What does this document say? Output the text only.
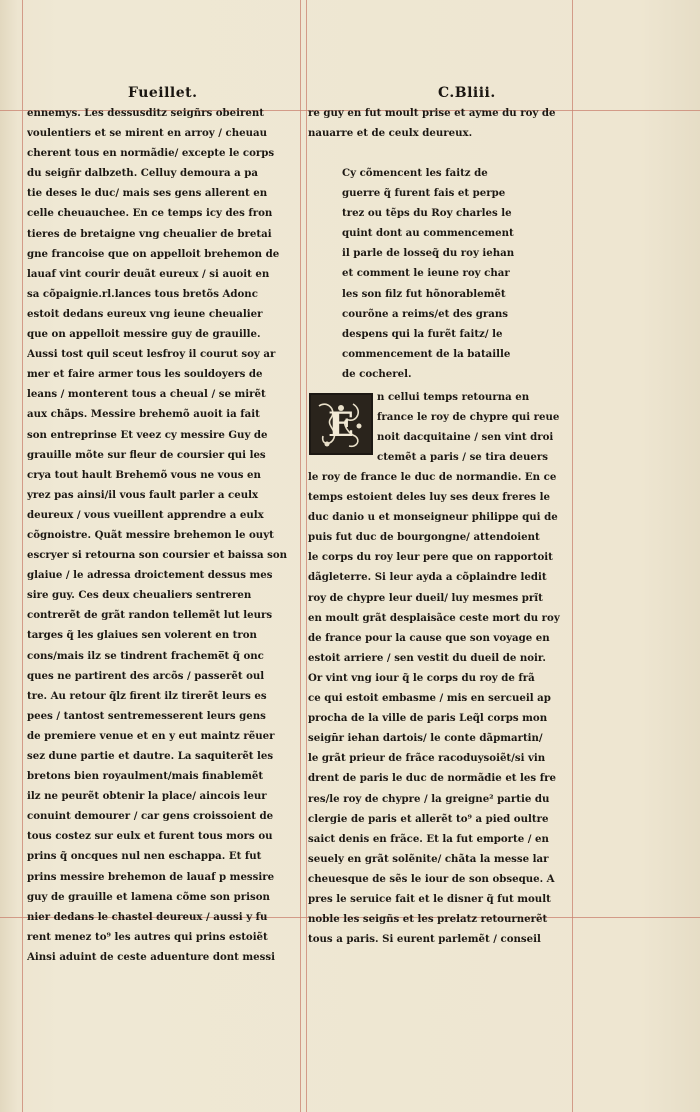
Fueillet.	C.Bliii.
ennemys. Les dessusditz seigñrs obeirent
voulentiers et se mirent en arroy / cheuau
cherent tous en normãdie/ excepte le corps
du seigñr dalbzeth. Celluy demoura a pa
tie deses le duc/ mais ses gens allerent en
celle cheuauchee. En ce temps icy des fron
tieres de bretaigne vng cheualier de bretai
gne francoise que on appelloit brehemon de
lauaf vint courir deuãt eureux / si auoit en
sa cõpaignie.rl.lances tous bretõs Adonc
estoit dedans eureux vng ieune cheualier
que on appelloit messire guy de grauille.
Aussi tost quil sceut lesfroy il courut soy ar
mer et faire armer tous les souldoyers de
leans / monterent tous a cheual / se mirẽt
aux chãps. Messire brehemõ auoit ia fait
son entreprinse Et veez cy messire Guy de
grauille mõte sur fleur de coursier qui les
crya tout hault Brehemõ vous ne vous en
yrez pas ainsi/il vous fault parler a ceulx
deureux / vous vueillent apprendre a eulx
cõgnoistre. Quãt messire brehemon le ouyt
escryer si retourna son coursier et baissa son
glaiue / le adressa droictement dessus mes
sire guy. Ces deux cheualiers sentreren
contrerẽt de grãt randon tellemẽt lut leurs
targes q̃ les glaiues sen volerent en tron
cons/mais ilz se tindrent fracheme̅t q̃ onc
ques ne partirent des arcõs / passerẽt oul
tre. Au retour q̃lz firent ilz tirerẽt leurs es
pees / tantost sentremesserent leurs gens
de premiere venue et en y eut maintz rẽuer
sez dune partie et dautre. La saquiterẽt les
bretons bien royaulment/mais finablemẽt
ilz ne peurẽt obtenir la place/ aincois leur
conuint demourer / car gens croissoient de
tous costez sur eulx et furent tous mors ou
prins q̃ oncques nul nen eschappa. Et fut
prins messire brehemon de lauaf p messire
guy de grauille et lamena cõme son prison
nier dedans le chastel deureux / aussi y fu
rent menez to⁹ les autres qui prins estoiẽt
Ainsi aduint de ceste aduenture dont messi
re guy en fut moult prise et ayme du roy de
nauarre et de ceulx deureux.
Cy cõmencent les faitz de
guerre q̃ furent fais et perpe
trez ou tẽps du Roy charles le
quint dont au commencement
il parle de losseq̃ du roy iehan
et comment le ieune roy char
les son filz fut hõnorablemẽt
courõne a reims/et des grans
despens qui la furẽt faitz/ le
commencement de la bataille
de cocherel.
E
n cellui temps retourna en
france le roy de chypre qui reue
noit dacquitaine / sen vint droi
ctemẽt a paris / se tira deuers
le roy de france le duc de normandie. En ce
temps estoient deles luy ses deux freres le
duc danio u et monseigneur philippe qui de
puis fut duc de bourgongne/ attendoient
le corps du roy leur pere que on rapportoit
dãgleterre. Si leur ayda a cõplaindre ledit
roy de chypre leur dueil/ luy mesmes prĩt
en moult grãt desplaisãce ceste mort du roy
de france pour la cause que son voyage en
estoit arriere / sen vestit du dueil de noir.
Or vint vng iour q̃ le corps du roy de frã
ce qui estoit embasme / mis en sercueil ap
procha de la ville de paris Leq̃l corps mon
seign̄r iehan dartois/ le conte dãpmartin/
le grãt prieur de frãce racoduysoiẽt/si vin
drent de paris le duc de normãdie et les fre
res/le roy de chypre / la greigne² partie du
clergie de paris et allerẽt to⁹ a pied oultre
saict denis en frãce. Et la fut emporte / en
seuely en grãt solẽnite/ chãta la messe lar
cheuesque de sẽs le iour de son obseque. A
pres le seruice fait et le disner q̃ fut moult
noble les seigñs et les prelatz retournerẽt
tous a paris. Si eurent parlemẽt / conseil
